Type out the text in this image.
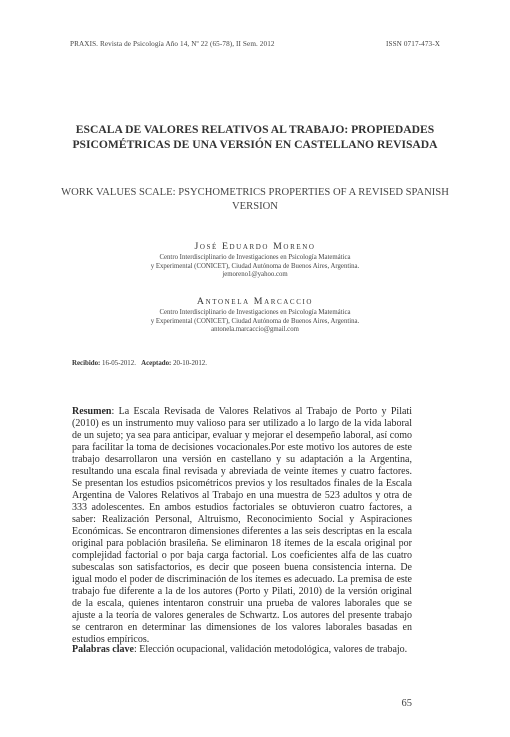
PRAXIS. Revista de Psicología Año 14, Nº 22 (65-78), II Sem. 2012	ISSN 0717-473-X
ESCALA DE VALORES RELATIVOS AL TRABAJO: PROPIEDADES PSICOMÉTRICAS DE UNA VERSIÓN EN CASTELLANO REVISADA
WORK VALUES SCALE: PSYCHOMETRICS PROPERTIES OF A REVISED SPANISH VERSION
José Eduardo Moreno
Centro Interdisciplinario de Investigaciones en Psicología Matemática
y Experimental (CONICET), Ciudad Autónoma de Buenos Aires, Argentina.
jemoreno1@yahoo.com
Antonela Marcaccio
Centro Interdisciplinario de Investigaciones en Psicología Matemática
y Experimental (CONICET), Ciudad Autónoma de Buenos Aires, Argentina.
antonela.marcaccio@gmail.com
Recibido: 16-05-2012. Aceptado: 20-10-2012.
Resumen: La Escala Revisada de Valores Relativos al Trabajo de Porto y Pilati (2010) es un instrumento muy valioso para ser utilizado a lo largo de la vida laboral de un sujeto; ya sea para anticipar, evaluar y mejorar el desempeño laboral, así como para facilitar la toma de decisiones vocacionales.Por este motivo los autores de este trabajo desarrollaron una versión en castellano y su adaptación a la Argentina, resultando una escala final revisada y abreviada de veinte ítemes y cuatro factores. Se presentan los estudios psicométricos previos y los resultados finales de la Escala Argentina de Valores Relativos al Trabajo en una muestra de 523 adultos y otra de 333 adolescentes. En ambos estudios factoriales se obtuvieron cuatro factores, a saber: Realización Personal, Altruismo, Reconocimiento Social y Aspiraciones Económicas. Se encontraron dimensiones diferentes a las seis descriptas en la escala original para población brasileña. Se eliminaron 18 ítemes de la escala original por complejidad factorial o por baja carga factorial. Los coeficientes alfa de las cuatro subescalas son satisfactorios, es decir que poseen buena consistencia interna. De igual modo el poder de discriminación de los ítemes es adecuado. La premisa de este trabajo fue diferente a la de los autores (Porto y Pilati, 2010) de la versión original de la escala, quienes intentaron construir una prueba de valores laborales que se ajuste a la teoría de valores generales de Schwartz. Los autores del presente trabajo se centraron en determinar las dimensiones de los valores laborales basadas en estudios empíricos.
Palabras clave: Elección ocupacional, validación metodológica, valores de trabajo.
65
